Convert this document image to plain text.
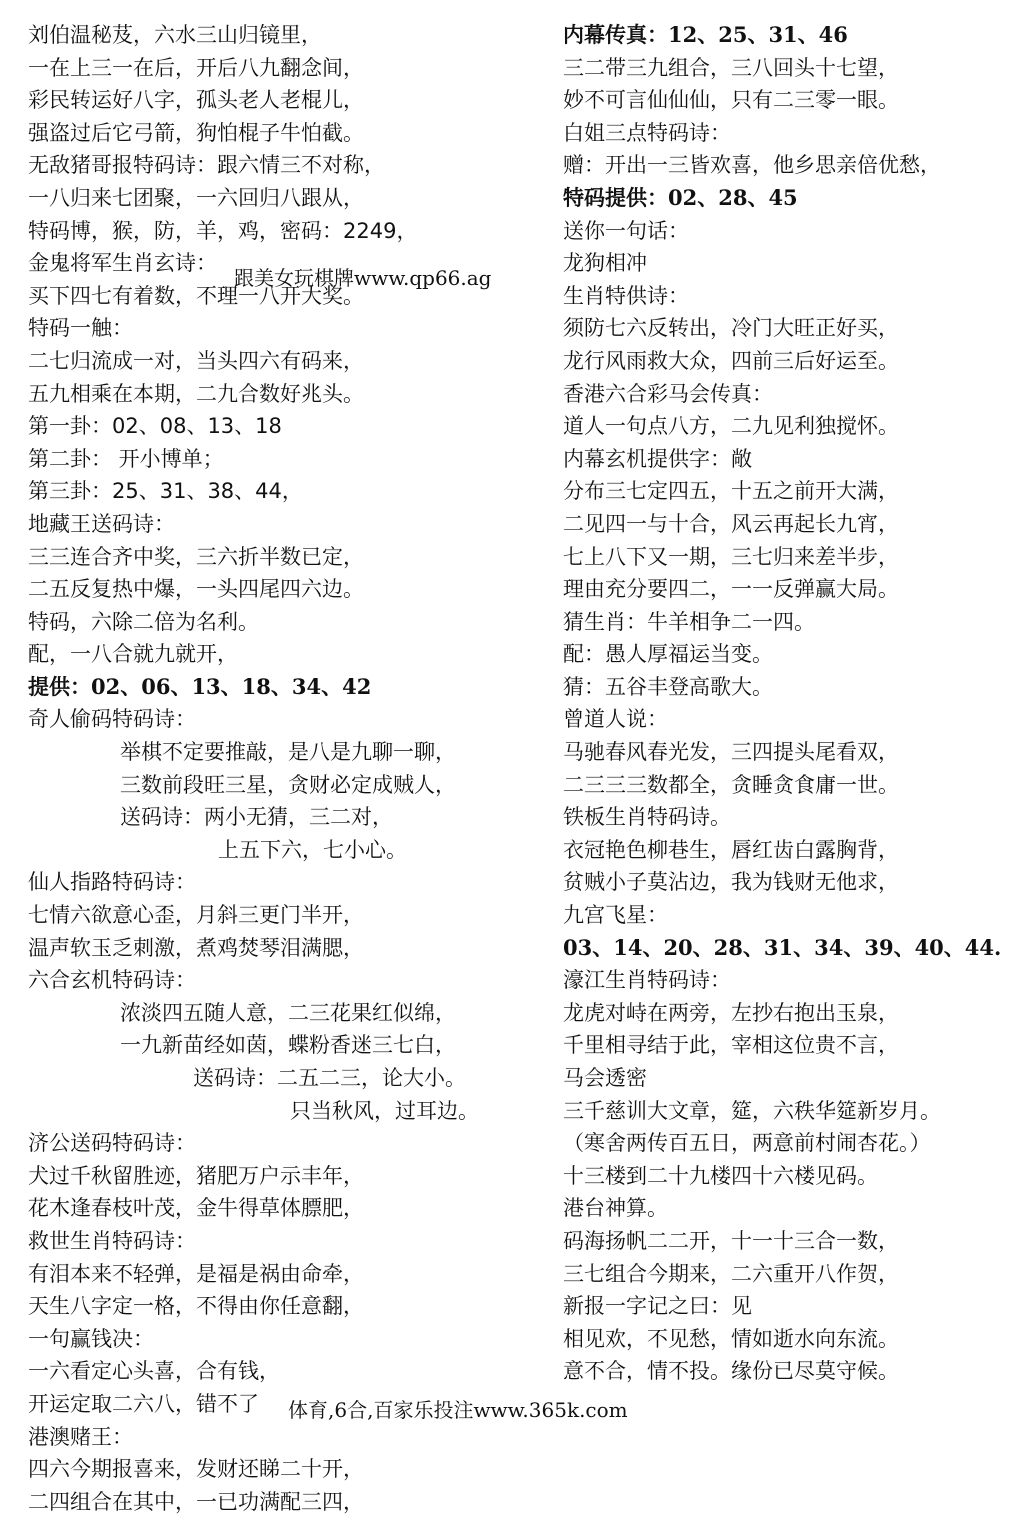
刘伯温秘芨，六水三山归镜里，
一在上三一在后，开后八九翻念间，
彩民转运好八字，孤头老人老棍儿，
强盗过后它弓箭，狗怕棍子牛怕截。
无敌猪哥报特码诗：跟六情三不对称，
一八归来七团聚，一六回归八跟从，
特码博，猴，防，羊，鸡，密码：2249，
金鬼将军生肖玄诗：
买下四七有着数，不理一八开大奖。
特码一触：
二七归流成一对，当头四六有码来，
五九相乘在本期，二九合数好兆头。
第一卦：02、08、13、18
第二卦： 开小博单；
第三卦：25、31、38、44，
地藏王送码诗：
三三连合齐中奖，三六折半数已定，
二五反复热中爆，一头四尾四六边。
特码，六除二倍为名利。
配，一八合就九就开，
提供：02、06、13、18、34、42
奇人偷码特码诗：
举棋不定要推敲，是八是九聊一聊，
三数前段旺三星，贪财必定成贼人，
送码诗：两小无猜，三二对，
上五下六，七小心。
仙人指路特码诗：
七情六欲意心歪，月斜三更门半开，
温声软玉乏刺激，煮鸡焚琴泪满腮，
六合玄机特码诗：
浓淡四五随人意，二三花果红似绵，
一九新苗经如茵，蝶粉香迷三七白，
送码诗：二五二三，论大小。
只当秋风，过耳边。
济公送码特码诗：
犬过千秋留胜迹，猪肥万户示丰年，
花木逢春枝叶茂，金牛得草体膘肥，
救世生肖特码诗：
有泪本来不轻弹，是福是祸由命牵，
天生八字定一格，不得由你任意翻，
一句赢钱决：
一六看定心头喜，合有钱，
开运定取二六八，错不了
港澳赌王：
四六今期报喜来，发财还睇二十开，
二四组合在其中，一已功满配三四，
内幕传真：12、25、31、46
三二带三九组合，三八回头十七望，
妙不可言仙仙仙，只有二三零一眼。
白姐三点特码诗：
赠：开出一三皆欢喜，他乡思亲倍优愁，
特码提供：02、28、45
送你一句话：
龙狗相冲
生肖特供诗：
须防七六反转出，冷门大旺正好买，
龙行风雨救大众，四前三后好运至。
香港六合彩马会传真：
道人一句点八方，二九见利独搅怀。
内幕玄机提供字：敞
分布三七定四五，十五之前开大满，
二见四一与十合，风云再起长九宵，
七上八下又一期，三七归来差半步，
理由充分要四二，一一反弹赢大局。
猜生肖：牛羊相争二一四。
配：愚人厚福运当变。
猜：五谷丰登高歌大。
曾道人说：
马驰春风春光发，三四提头尾看双，
二三三三数都全，贪睡贪食庸一世。
铁板生肖特码诗。
衣冠艳色柳巷生，唇红齿白露胸背，
贫贼小子莫沾边，我为钱财无他求，
九宫飞星：
03、14、20、28、31、34、39、40、44.
濠江生肖特码诗：
龙虎对峙在两旁，左抄右抱出玉泉，
千里相寻结于此，宰相这位贵不言，
马会透密
三千慈训大文章，筵，六秩华筵新岁月。
（寒舍两传百五日，两意前村闹杏花。）
十三楼到二十九楼四十六楼见码。
港台神算。
码海扬帆二二开，十一十三合一数，
三七组合今期来，二六重开八作贺，
新报一字记之曰：见
相见欢，不见愁，情如逝水向东流。
意不合，情不投。缘份已尽莫守候。
跟美女玩棋牌www.qp66.ag
体育,6合,百家乐投注www.365k.com
